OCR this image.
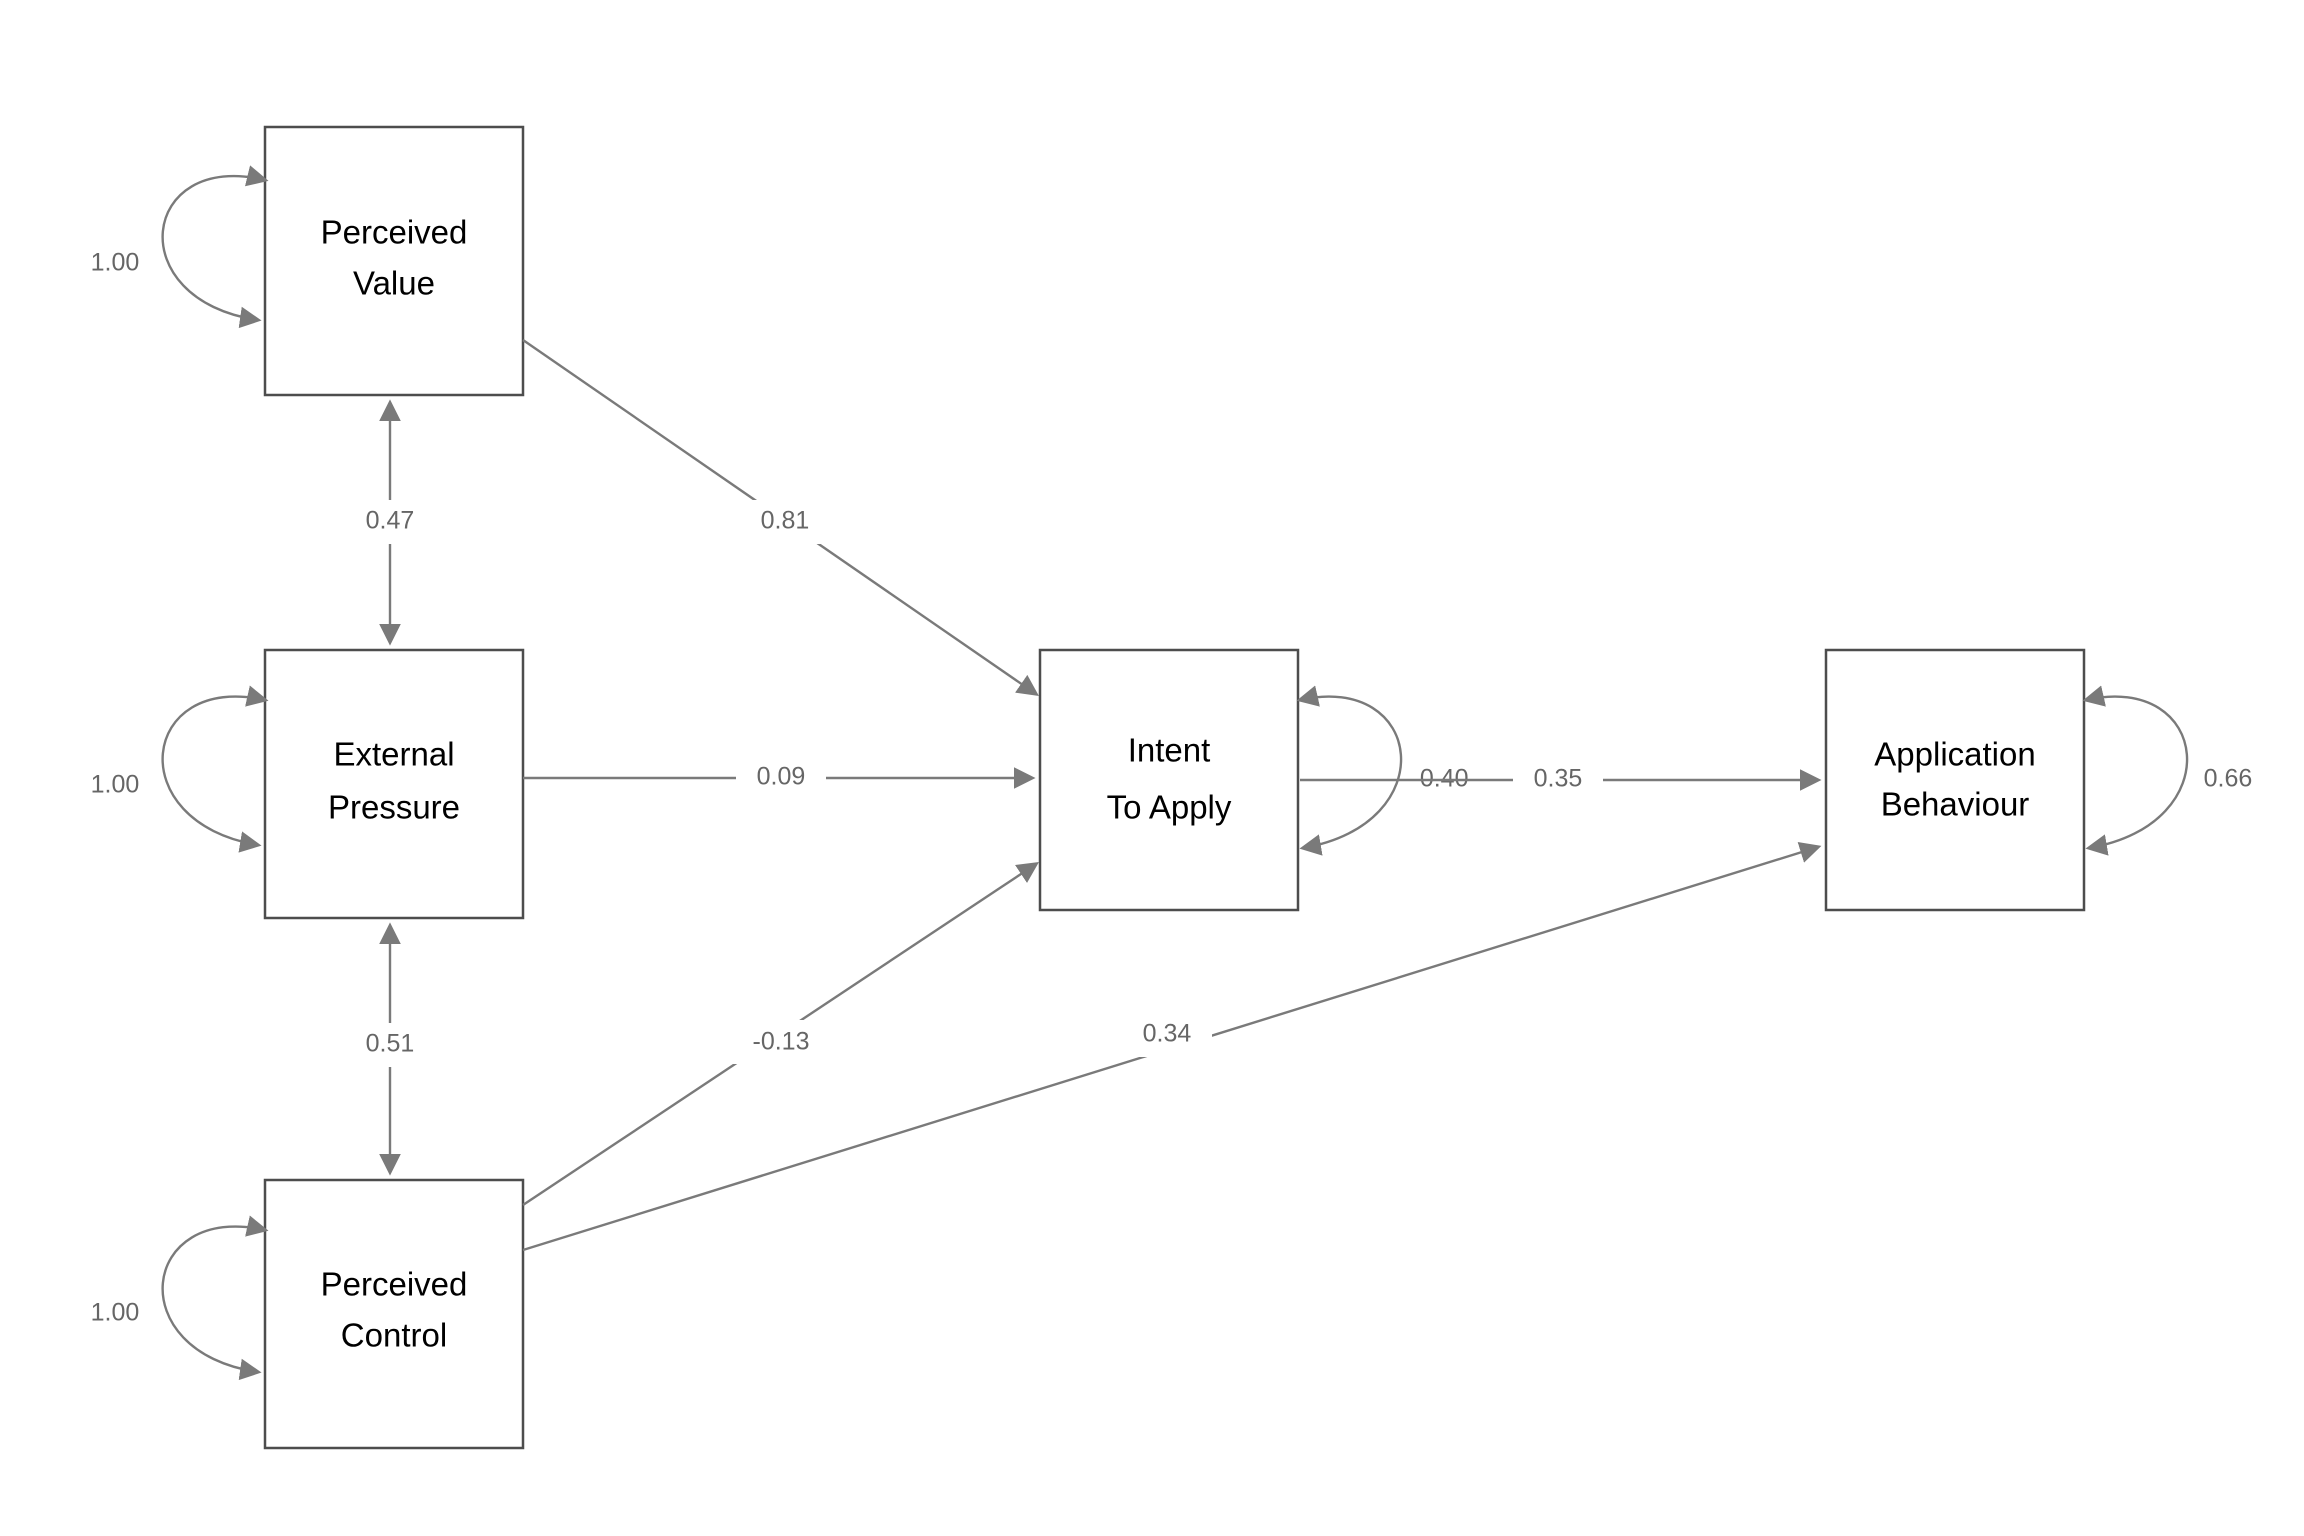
Perceived
Value
External
Pressure
Perceived
Control
Intent
To Apply
Application
Behaviour
1.00
1.00
1.00
-0.40	0.66
0.47
0.51
0.81
0.09
-0.13	0.34
0.35
